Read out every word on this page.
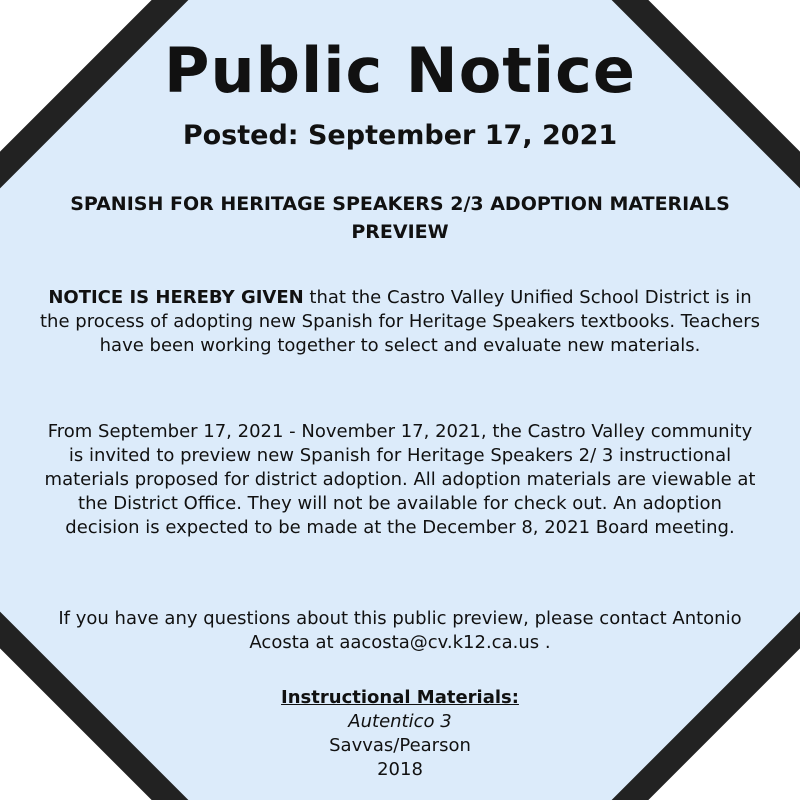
Public Notice
Posted: September 17, 2021
SPANISH FOR HERITAGE SPEAKERS 2/3 ADOPTION MATERIALS PREVIEW
NOTICE IS HEREBY GIVEN that the Castro Valley Unified School District is in the process of adopting new Spanish for Heritage Speakers textbooks. Teachers have been working together to select and evaluate new materials.
From September 17, 2021 - November 17, 2021, the Castro Valley community is invited to preview new Spanish for Heritage Speakers 2/ 3 instructional materials proposed for district adoption. All adoption materials are viewable at the District Office. They will not be available for check out. An adoption decision is expected to be made at the December 8, 2021 Board meeting.
If you have any questions about this public preview, please contact Antonio Acosta at aacosta@cv.k12.ca.us .
Instructional Materials:
Autentico 3
Savvas/Pearson
2018
